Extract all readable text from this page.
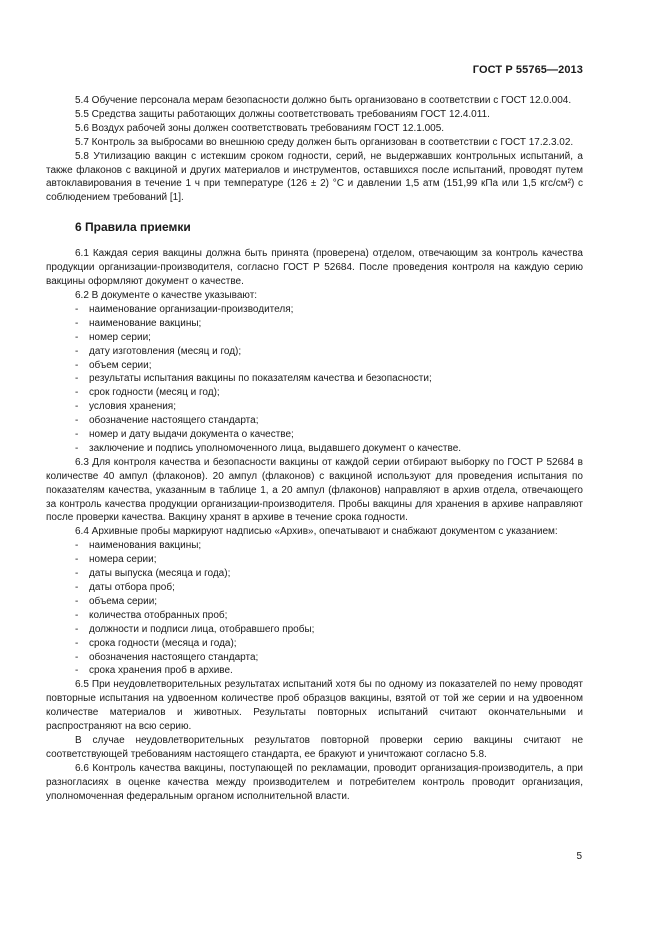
ГОСТ Р 55765—2013

5.4 Обучение персонала мерам безопасности должно быть организовано в соответствии с ГОСТ 12.0.004.

5.5 Средства защиты работающих должны соответствовать требованиям ГОСТ 12.4.011.

5.6 Воздух рабочей зоны должен соответствовать требованиям ГОСТ 12.1.005.

5.7 Контроль за выбросами во внешнюю среду должен быть организован в соответствии с ГОСТ 17.2.3.02.

5.8 Утилизацию вакцин с истекшим сроком годности, серий, не выдержавших контрольных испытаний, а также флаконов с вакциной и других материалов и инструментов, оставшихся после испытаний, проводят путем автоклавирования в течение 1 ч при температуре (126 ± 2) °С и давлении 1,5 атм (151,99 кПа или 1,5 кгс/см²) с соблюдением требований [1].

6 Правила приемки

6.1 Каждая серия вакцины должна быть принята (проверена) отделом, отвечающим за контроль качества продукции организации-производителя, согласно ГОСТ Р 52684. После проведения контроля на каждую серию вакцины оформляют документ о качестве.

6.2 В документе о качестве указывают:

- наименование организации-производителя;
- наименование вакцины;
- номер серии;
- дату изготовления (месяц и год);
- объем серии;
- результаты испытания вакцины по показателям качества и безопасности;
- срок годности (месяц и год);
- условия хранения;
- обозначение настоящего стандарта;
- номер и дату выдачи документа о качестве;
- заключение и подпись уполномоченного лица, выдавшего документ о качестве.

6.3 Для контроля качества и безопасности вакцины от каждой серии отбирают выборку по ГОСТ Р 52684 в количестве 40 ампул (флаконов). 20 ампул (флаконов) с вакциной используют для проведения испытания по показателям качества, указанным в таблице 1, а 20 ампул (флаконов) направляют в архив отдела, отвечающего за контроль качества продукции организации-производителя. Пробы вакцины для хранения в архиве направляют после проверки качества. Вакцину хранят в архиве в течение срока годности.

6.4 Архивные пробы маркируют надписью «Архив», опечатывают и снабжают документом с указанием:

- наименования вакцины;
- номера серии;
- даты выпуска (месяца и года);
- даты отбора проб;
- объема серии;
- количества отобранных проб;
- должности и подписи лица, отобравшего пробы;
- срока годности (месяца и года);
- обозначения настоящего стандарта;
- срока хранения проб в архиве.

6.5 При неудовлетворительных результатах испытаний хотя бы по одному из показателей по нему проводят повторные испытания на удвоенном количестве проб образцов вакцины, взятой от той же серии и на удвоенном количестве материалов и животных. Результаты повторных испытаний считают окончательными и распространяют на всю серию.

В случае неудовлетворительных результатов повторной проверки серию вакцины считают не соответствующей требованиям настоящего стандарта, ее бракуют и уничтожают согласно 5.8.

6.6 Контроль качества вакцины, поступающей по рекламации, проводит организация-производитель, а при разногласиях в оценке качества между производителем и потребителем контроль проводит организация, уполномоченная федеральным органом исполнительной власти.

5
